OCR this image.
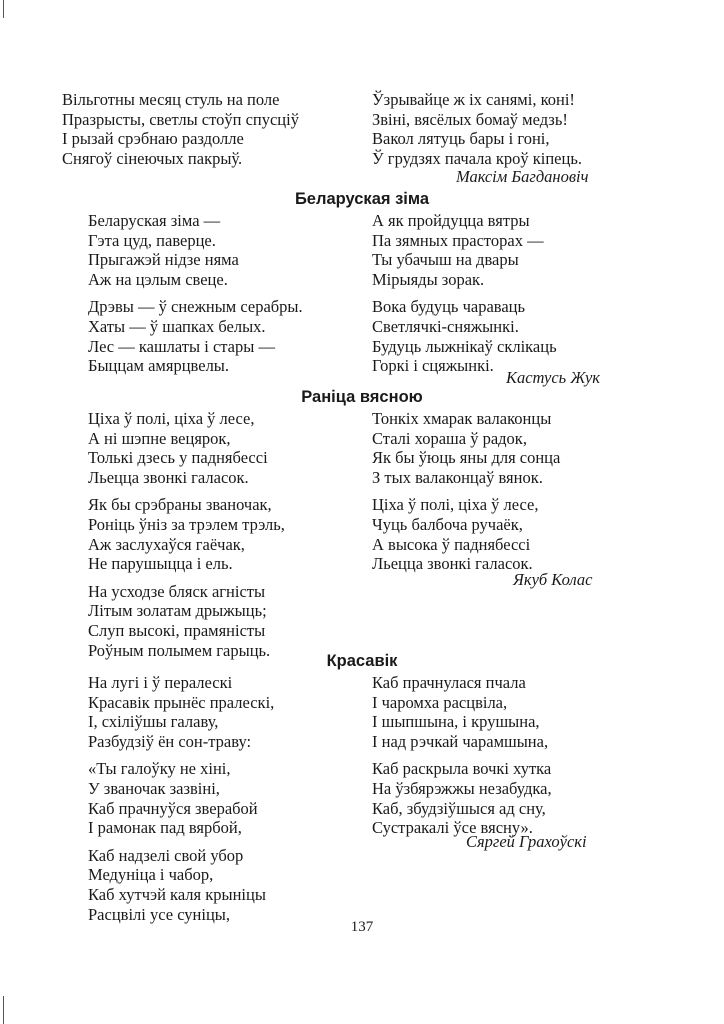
Вільготны месяц стуль на поле
Празрысты, светлы стоўп спусціў
І рызай срэбнаю раздолле
Снягоў сінеючых пакрыў.
Ўзрывайце ж іх санямі, коні!
Звіні, вясёлых бомаў медзь!
Вакол лятуць бары і гоні,
Ў грудзях пачала кроў кіпець.
Максім Багдановіч
Беларуская зіма
Беларуская зіма —
Гэта цуд, паверце.
Прыгажэй нідзе няма
Аж на цэлым свеце.
Дрэвы — ў снежным серабры.
Хаты — ў шапках белых.
Лес — кашлаты і стары —
Быццам амярцвелы.
А як пройдуцца вятры
Па зямных прасторах —
Ты убачыш на двары
Мірыяды зорак.
Вока будуць чараваць
Светлячкі-сняжынкі.
Будуць лыжнікаў склікаць
Горкі і сцяжынкі.
Кастусь Жук
Раніца вясною
Ціха ў полі, ціха ў лесе,
А ні шэпне вецярок,
Толькі дзесь у паднябессі
Льецца звонкі галасок.
Як бы срэбраны званочак,
Роніць ўніз за трэлем трэль,
Аж заслухаўся гаёчак,
Не парушыцца і ель.
На усходзе бляск агністы
Літым золатам дрыжыць;
Слуп высокі, прамяністы
Роўным полымем гарыць.
Тонкіх хмарак валаконцы
Сталі хораша ў радок,
Як бы ўюць яны для сонца
З тых валаконцаў вянок.
Ціха ў полі, ціха ў лесе,
Чуць балбоча ручаёк,
А высока ў паднябессі
Льецца звонкі галасок.
Якуб Колас
Красавік
На лугі і ў пералескі
Красавік прынёс пралескі,
І, схіліўшы галаву,
Разбудзіў ён сон-траву:
«Ты галоўку не хіні,
У званочак зазвіні,
Каб прачнуўся зверабой
І рамонак пад вярбой,
Каб надзелі свой убор
Медуніца і чабор,
Каб хутчэй каля крыніцы
Расцвілі усе суніцы,
Каб прачнулася пчала
І чаромха расцвіла,
І шыпшына, і крушына,
І над рэчкай чарамшына,
Каб раскрыла вочкі хутка
На ўзбярэжжы незабудка,
Каб, збудзіўшыся ад сну,
Сустракалі ўсе вясну».
Сяргей Грахоўскі
137
